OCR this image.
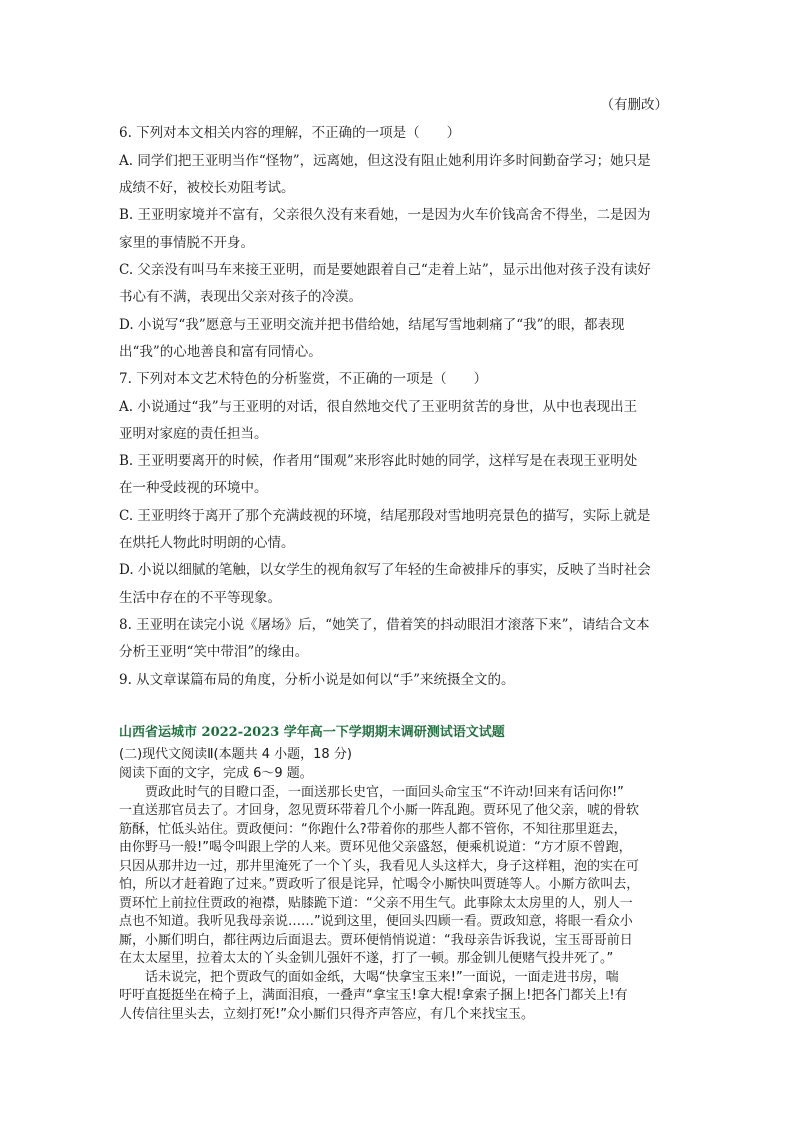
（有删改）
6. 下列对本文相关内容的理解，不正确的一项是（　　）
A. 同学们把王亚明当作“怪物”，远离她，但这没有阻止她利用许多时间勤奋学习；她只是
成绩不好，被校长劝阻考试。
B. 王亚明家境并不富有，父亲很久没有来看她，一是因为火车价钱高舍不得坐，二是因为
家里的事情脱不开身。
C. 父亲没有叫马车来接王亚明，而是要她跟着自己“走着上站”，显示出他对孩子没有读好
书心有不满，表现出父亲对孩子的冷漠。
D. 小说写“我”愿意与王亚明交流并把书借给她，结尾写雪地刺痛了“我”的眼，都表现
出“我”的心地善良和富有同情心。
7. 下列对本文艺术特色的分析鉴赏，不正确的一项是（　　）
A. 小说通过“我”与王亚明的对话，很自然地交代了王亚明贫苦的身世，从中也表现出王
亚明对家庭的责任担当。
B. 王亚明要离开的时候，作者用“围观”来形容此时她的同学，这样写是在表现王亚明处
在一种受歧视的环境中。
C. 王亚明终于离开了那个充满歧视的环境，结尾那段对雪地明亮景色的描写，实际上就是
在烘托人物此时明朗的心情。
D. 小说以细腻的笔触，以女学生的视角叙写了年轻的生命被排斥的事实，反映了当时社会
生活中存在的不平等现象。
8. 王亚明在读完小说《屠场》后，“她笑了，借着笑的抖动眼泪才滚落下来”，请结合文本
分析王亚明“笑中带泪”的缘由。
9. 从文章谋篇布局的角度，分析小说是如何以“手”来统摄全文的。
山西省运城市 2022-2023 学年高一下学期期末调研测试语文试题
(二)现代文阅读Ⅱ(本题共 4 小题，18 分)
阅读下面的文字，完成 6～9 题。
　　贾政此时气的目瞪口歪，一面送那长史官，一面回头命宝玉“不许动!回来有话问你!”
一直送那官员去了。才回身，忽见贾环带着几个小厮一阵乱跑。贾环见了他父亲，唬的骨软
筋酥，忙低头站住。贾政便问：“你跑什么?带着你的那些人都不管你，不知往那里逛去，
由你野马一般!”喝令叫跟上学的人来。贾环见他父亲盛怒，便乘机说道：“方才原不曾跑，
只因从那井边一过，那井里淹死了一个丫头，我看见人头这样大，身子这样粗，泡的实在可
怕，所以才赶着跑了过来。”贾政听了很是诧异，忙喝令小厮快叫贾琏等人。小厮方欲叫去，
贾环忙上前拉住贾政的袍襟，贴膝跪下道：“父亲不用生气。此事除太太房里的人，别人一
点也不知道。我听见我母亲说……”说到这里，便回头四顾一看。贾政知意，将眼一看众小
厮，小厮们明白，都往两边后面退去。贾环便悄悄说道：“我母亲告诉我说，宝玉哥哥前日
在太太屋里，拉着太太的丫头金钏儿强奸不遂，打了一顿。那金钏儿便赌气投井死了。”
　　话未说完，把个贾政气的面如金纸，大喝“快拿宝玉来!”一面说，一面走进书房，喘
吁吁直挺挺坐在椅子上，满面泪痕，一叠声“拿宝玉!拿大棍!拿索子捆上!把各门都关上!有
人传信往里头去，立刻打死!”众小厮们只得齐声答应，有几个来找宝玉。
